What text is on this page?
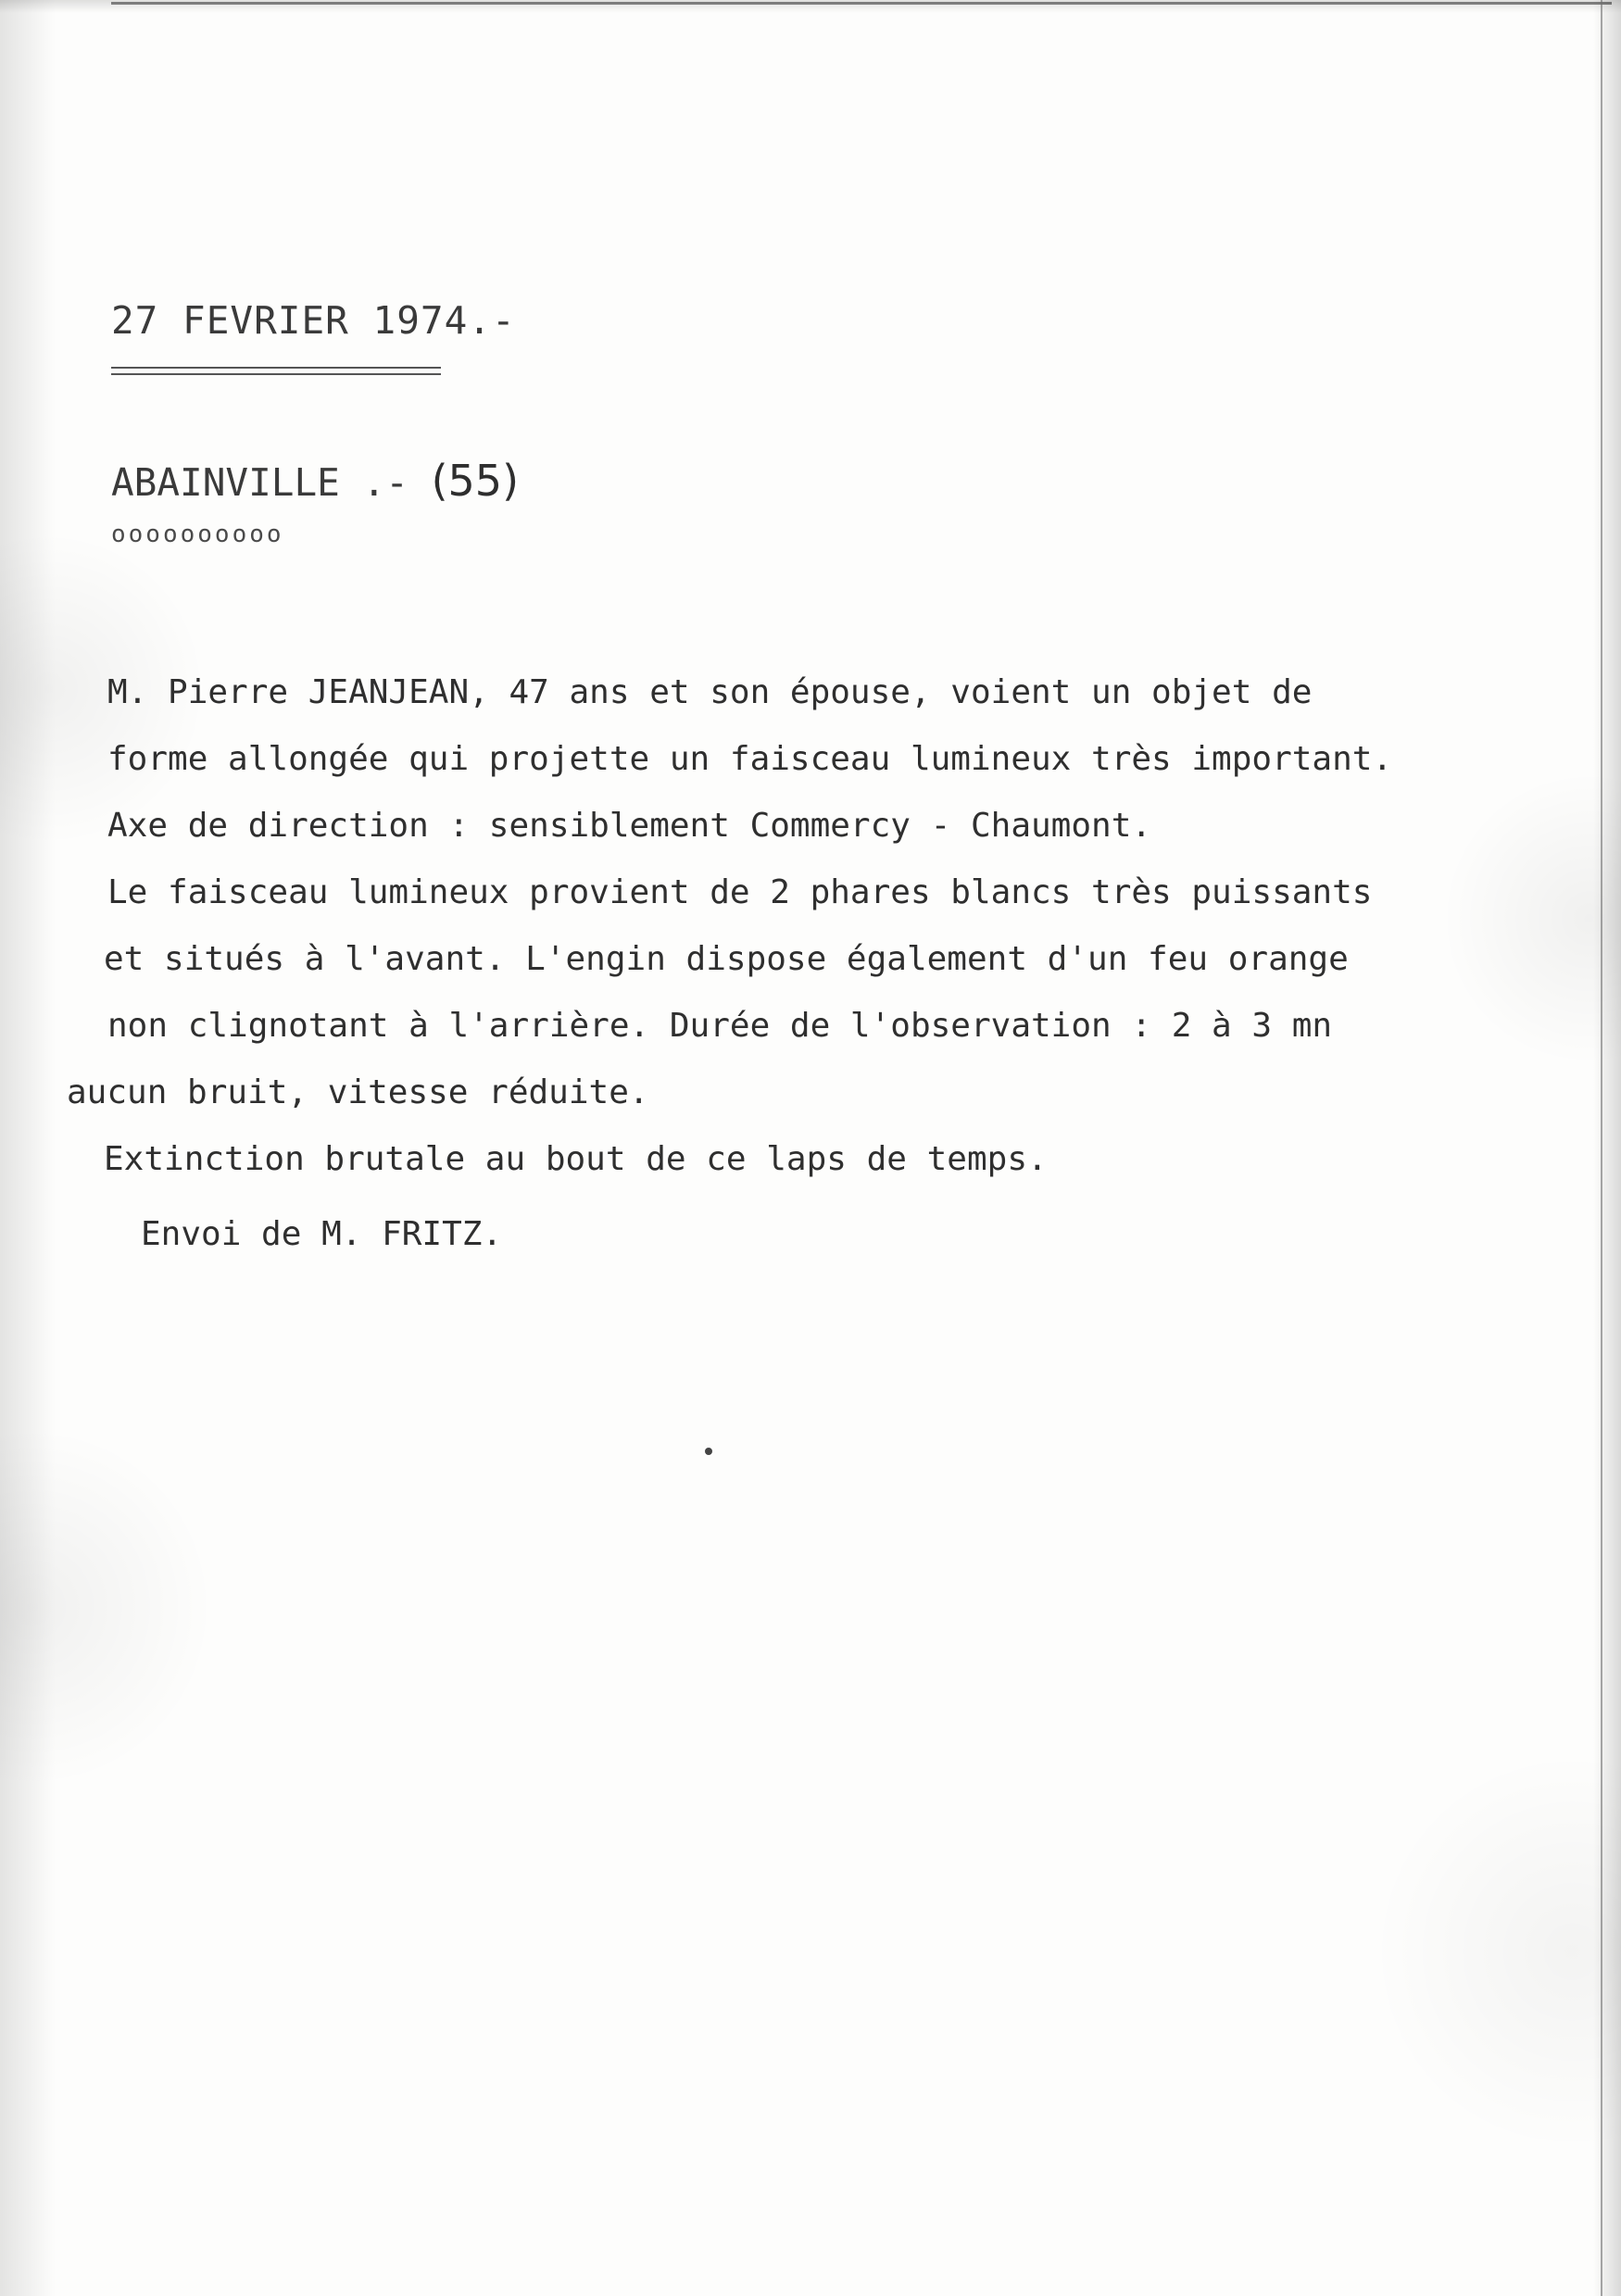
27 FEVRIER 1974.-
ABAINVILLE .- (55)
oooooooooo
M. Pierre JEANJEAN, 47 ans et son épouse, voient un objet de
forme allongée qui projette un faisceau lumineux très important.
Axe de direction : sensiblement Commercy - Chaumont.
Le faisceau lumineux provient de 2 phares blancs très puissants
et situés à l'avant. L'engin dispose également d'un feu orange
non clignotant à l'arrière. Durée de l'observation : 2 à 3 mn
aucun bruit, vitesse réduite.
Extinction brutale au bout de ce laps de temps.
Envoi de M. FRITZ.
